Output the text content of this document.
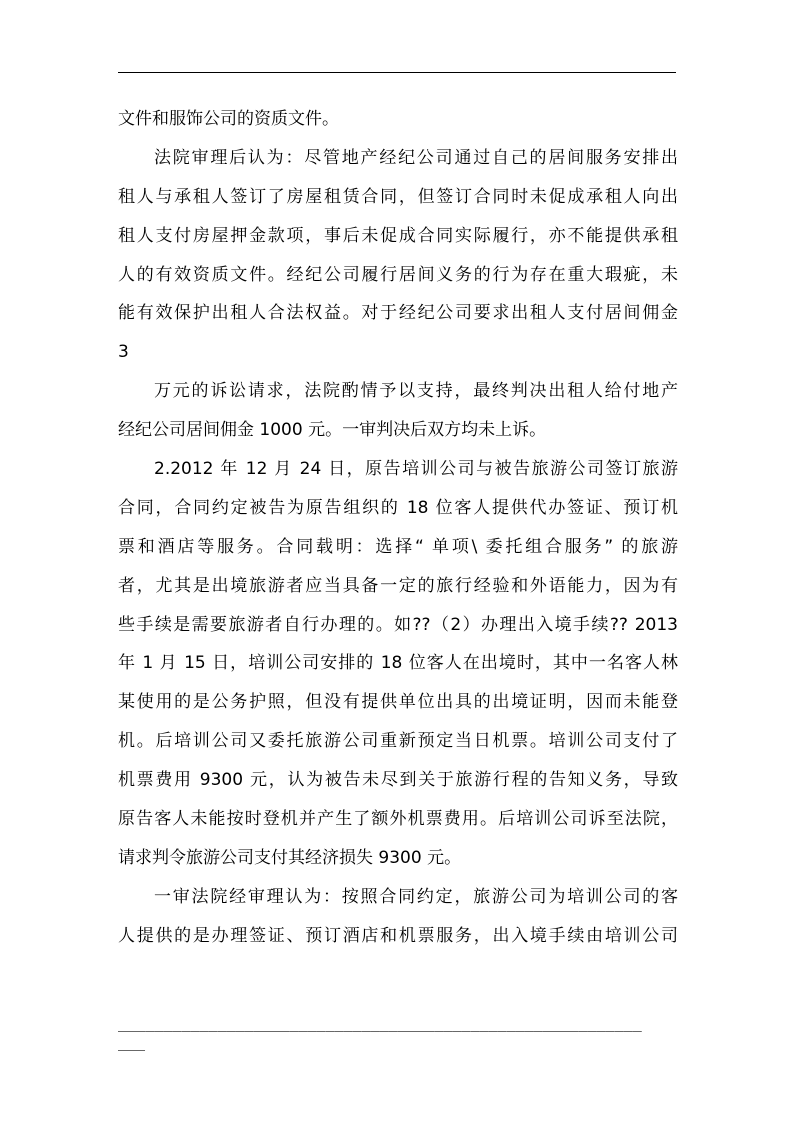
文件和服饰公司的资质文件。
法院审理后认为：尽管地产经纪公司通过自己的居间服务安排出
租人与承租人签订了房屋租赁合同，但签订合同时未促成承租人向出
租人支付房屋押金款项，事后未促成合同实际履行，亦不能提供承租
人的有效资质文件。经纪公司履行居间义务的行为存在重大瑕疵，未
能有效保护出租人合法权益。对于经纪公司要求出租人支付居间佣金
3
万元的诉讼请求，法院酌情予以支持，最终判决出租人给付地产
经纪公司居间佣金 1000 元。一审判决后双方均未上诉。
2.2012 年 12 月 24 日，原告培训公司与被告旅游公司签订旅游
合同，合同约定被告为原告组织的 18 位客人提供代办签证、预订机
票和酒店等服务。合同载明：选择“ 单项\ 委托组合服务” 的旅游
者，尤其是出境旅游者应当具备一定的旅行经验和外语能力，因为有
些手续是需要旅游者自行办理的。如??（2）办理出入境手续?? 2013
年 1 月 15 日，培训公司安排的 18 位客人在出境时，其中一名客人林
某使用的是公务护照，但没有提供单位出具的出境证明，因而未能登
机。后培训公司又委托旅游公司重新预定当日机票。培训公司支付了
机票费用 9300 元，认为被告未尽到关于旅游行程的告知义务，导致
原告客人未能按时登机并产生了额外机票费用。后培训公司诉至法院，
请求判令旅游公司支付其经济损失 9300 元。
一审法院经审理认为：按照合同约定，旅游公司为培训公司的客
人提供的是办理签证、预订酒店和机票服务，出入境手续由培训公司
__________________________________________________________
___
